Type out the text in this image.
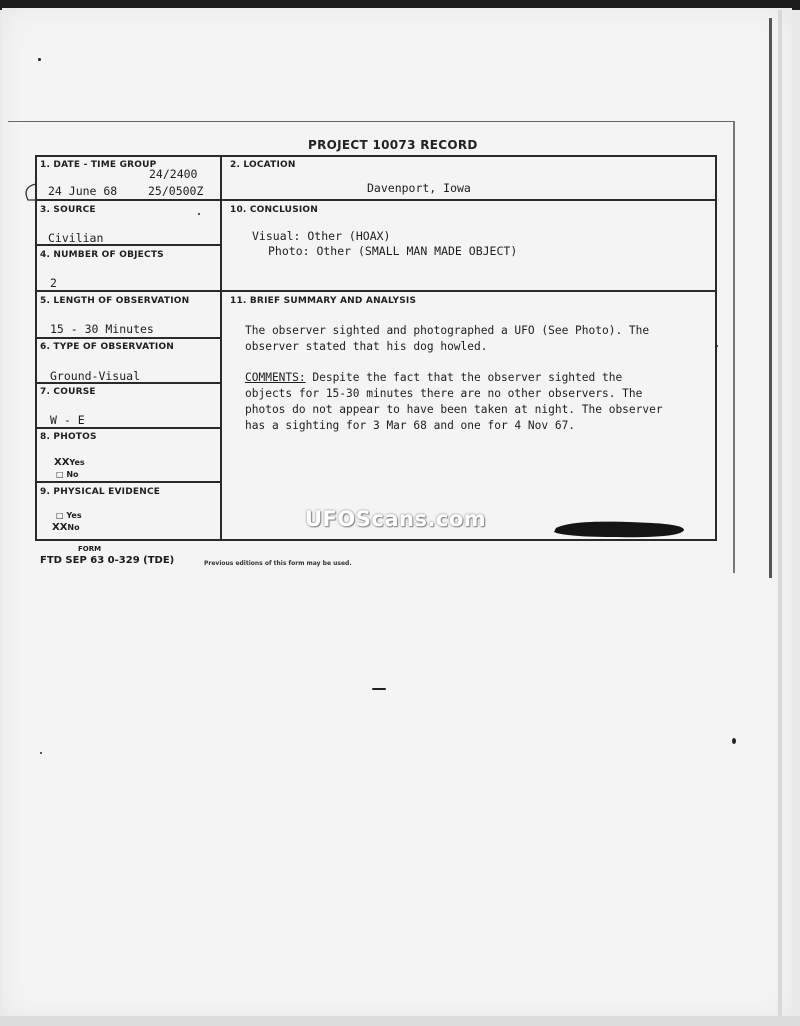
PROJECT 10073 RECORD
1. DATE - TIME GROUP
24/2400
24 June 68	25/0500Z
2. LOCATION
Davenport, Iowa
3. SOURCE
Civilian
4. NUMBER OF OBJECTS
2
10. CONCLUSION
Visual: Other (HOAX)
Photo: Other (SMALL MAN MADE OBJECT)
5. LENGTH OF OBSERVATION
15 - 30 Minutes
6. TYPE OF OBSERVATION
Ground-Visual
7. COURSE
W - E
8. PHOTOS
XXYes
□ No
9. PHYSICAL EVIDENCE
□ Yes
XXNo
11. BRIEF SUMMARY AND ANALYSIS
The observer sighted and photographed a UFO (See Photo). The
observer stated that his dog howled.
COMMENTS: Despite the fact that the observer sighted the
objects for 15-30 minutes there are no other observers. The
photos do not appear to have been taken at night. The observer
has a sighting for 3 Mar 68 and one for 4 Nov 67.
UFOScans.com
FORM
FTD SEP 63 0-329 (TDE)	Previous editions of this form may be used.
